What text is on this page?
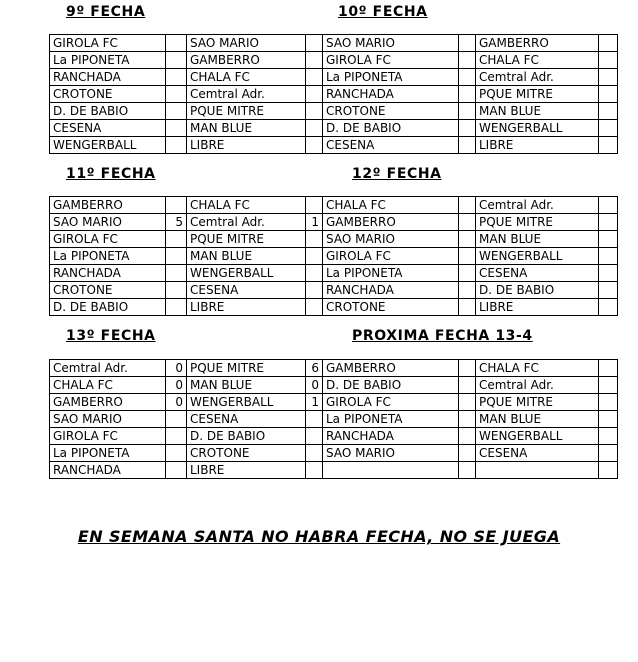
9º FECHA	10º FECHA
GIROLA FC		SAO MARIO		SAO MARIO		GAMBERRO	
La PIPONETA		GAMBERRO		GIROLA FC		CHALA FC	
RANCHADA		CHALA FC		La PIPONETA		Cemtral Adr.	
CROTONE		Cemtral Adr.		RANCHADA		PQUE MITRE	
D. DE BABIO		PQUE MITRE		CROTONE		MAN BLUE	
CESENA		MAN BLUE		D. DE BABIO		WENGERBALL	
WENGERBALL		LIBRE		CESENA		LIBRE	
11º FECHA	12º FECHA
GAMBERRO		CHALA FC		CHALA FC		Cemtral Adr.	
SAO MARIO	5	Cemtral Adr.	1	GAMBERRO		PQUE MITRE	
GIROLA FC		PQUE MITRE		SAO MARIO		MAN BLUE	
La PIPONETA		MAN BLUE		GIROLA FC		WENGERBALL	
RANCHADA		WENGERBALL		La PIPONETA		CESENA	
CROTONE		CESENA		RANCHADA		D. DE BABIO	
D. DE BABIO		LIBRE		CROTONE		LIBRE	
13º FECHA	PROXIMA FECHA 13-4
Cemtral Adr.	0	PQUE MITRE	6	GAMBERRO		CHALA FC	
CHALA FC	0	MAN BLUE	0	D. DE BABIO		Cemtral Adr.	
GAMBERRO	0	WENGERBALL	1	GIROLA FC		PQUE MITRE	
SAO MARIO		CESENA		La PIPONETA		MAN BLUE	
GIROLA FC		D. DE BABIO		RANCHADA		WENGERBALL	
La PIPONETA		CROTONE		SAO MARIO		CESENA	
RANCHADA		LIBRE					
EN SEMANA SANTA NO HABRA FECHA, NO SE JUEGA
